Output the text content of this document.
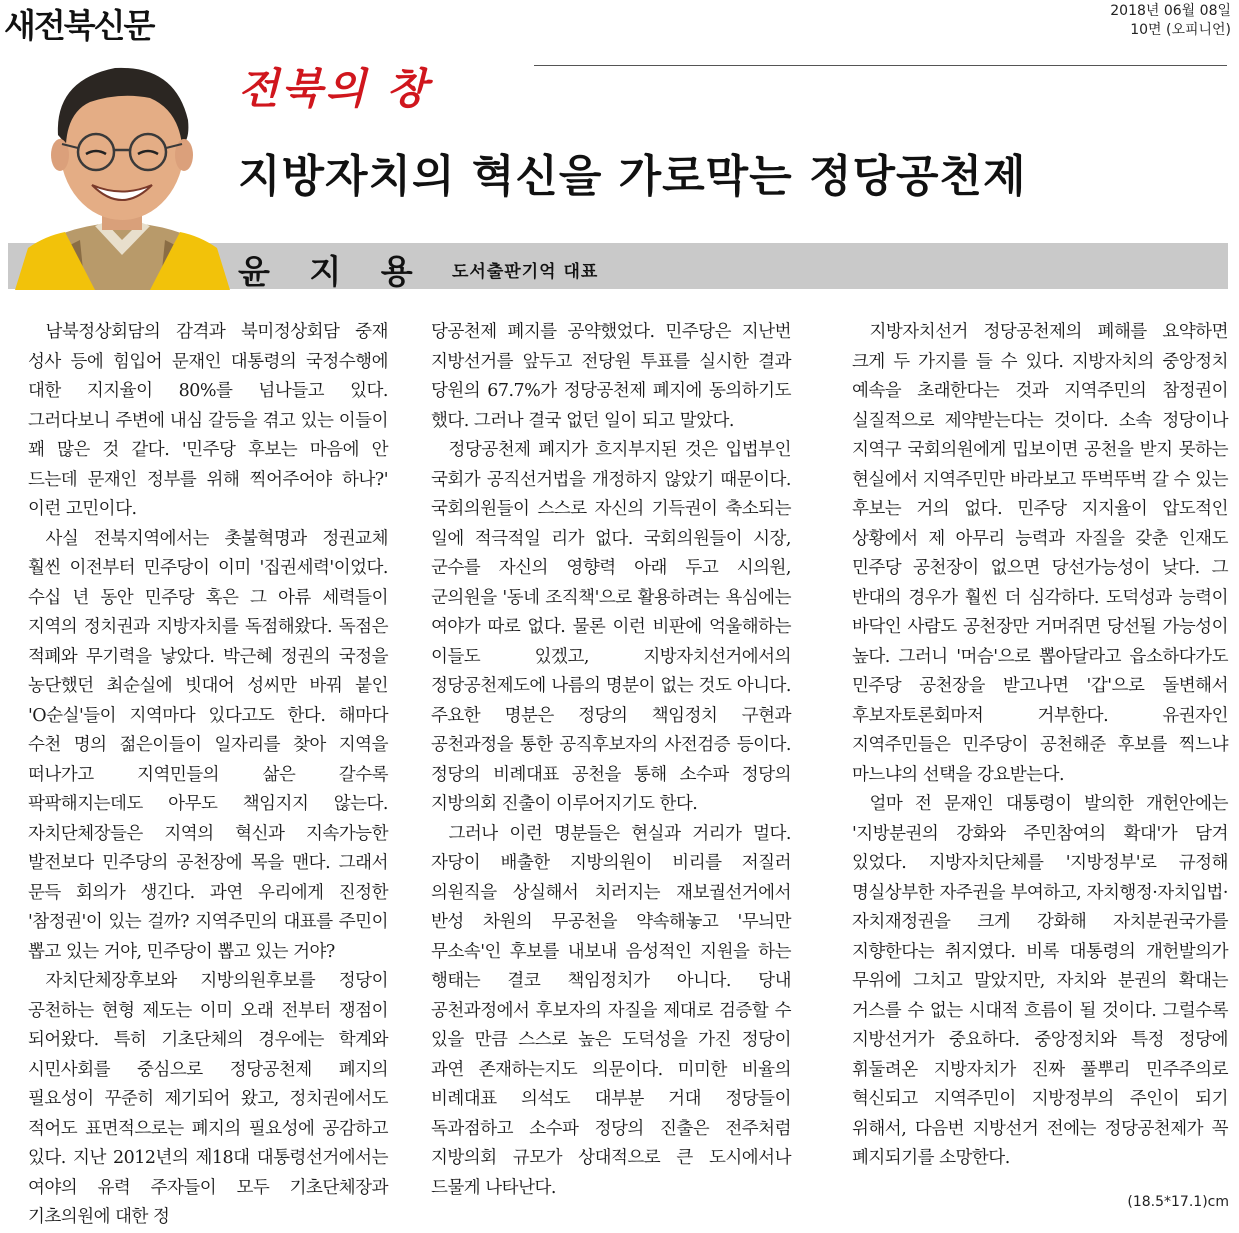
새전북신문	2018년 06월 08일
10면 (오피니언)
전북의 창
지방자치의 혁신을 가로막는 정당공천제
윤 지 용 도서출판기억 대표

남북정상회담의 감격과 북미정상회담 중재 성사 등에 힘입어 문재인 대통령의 국정수행에 대한 지지율이 80%를 넘나들고 있다. 그러다보니 주변에 내심 갈등을 겪고 있는 이들이 꽤 많은 것 같다. '민주당 후보는 마음에 안 드는데 문재인 정부를 위해 찍어주어야 하나?' 이런 고민이다.

사실 전북지역에서는 촛불혁명과 정권교체 훨씬 이전부터 민주당이 이미 '집권세력'이었다. 수십 년 동안 민주당 혹은 그 아류 세력들이 지역의 정치권과 지방자치를 독점해왔다. 독점은 적폐와 무기력을 낳았다. 박근혜 정권의 국정을 농단했던 최순실에 빗대어 성씨만 바꿔 붙인 'O순실'들이 지역마다 있다고도 한다. 해마다 수천 명의 젊은이들이 일자리를 찾아 지역을 떠나가고 지역민들의 삶은 갈수록 팍팍해지는데도 아무도 책임지지 않는다. 자치단체장들은 지역의 혁신과 지속가능한 발전보다 민주당의 공천장에 목을 맨다. 그래서 문득 회의가 생긴다. 과연 우리에게 진정한 '참정권'이 있는 걸까? 지역주민의 대표를 주민이 뽑고 있는 거야, 민주당이 뽑고 있는 거야?

자치단체장후보와 지방의원후보를 정당이 공천하는 현형 제도는 이미 오래 전부터 쟁점이 되어왔다. 특히 기초단체의 경우에는 학계와 시민사회를 중심으로 정당공천제 폐지의 필요성이 꾸준히 제기되어 왔고, 정치권에서도 적어도 표면적으로는 폐지의 필요성에 공감하고 있다. 지난 2012년의 제18대 대통령선거에서는 여야의 유력 주자들이 모두 기초단체장과 기초의원에 대한 정

당공천제 폐지를 공약했었다. 민주당은 지난번 지방선거를 앞두고 전당원 투표를 실시한 결과 당원의 67.7%가 정당공천제 폐지에 동의하기도 했다. 그러나 결국 없던 일이 되고 말았다.

정당공천제 폐지가 흐지부지된 것은 입법부인 국회가 공직선거법을 개정하지 않았기 때문이다. 국회의원들이 스스로 자신의 기득권이 축소되는 일에 적극적일 리가 없다. 국회의원들이 시장, 군수를 자신의 영향력 아래 두고 시의원, 군의원을 '동네 조직책'으로 활용하려는 욕심에는 여야가 따로 없다. 물론 이런 비판에 억울해하는 이들도 있겠고, 지방자치선거에서의 정당공천제도에 나름의 명분이 없는 것도 아니다. 주요한 명분은 정당의 책임정치 구현과 공천과정을 통한 공직후보자의 사전검증 등이다. 정당의 비례대표 공천을 통해 소수파 정당의 지방의회 진출이 이루어지기도 한다.

그러나 이런 명분들은 현실과 거리가 멀다. 자당이 배출한 지방의원이 비리를 저질러 의원직을 상실해서 치러지는 재보궐선거에서 반성 차원의 무공천을 약속해놓고 '무늬만 무소속'인 후보를 내보내 음성적인 지원을 하는 행태는 결코 책임정치가 아니다. 당내 공천과정에서 후보자의 자질을 제대로 검증할 수 있을 만큼 스스로 높은 도덕성을 가진 정당이 과연 존재하는지도 의문이다. 미미한 비율의 비례대표 의석도 대부분 거대 정당들이 독과점하고 소수파 정당의 진출은 전주처럼 지방의회 규모가 상대적으로 큰 도시에서나 드물게 나타난다.

지방자치선거 정당공천제의 폐해를 요약하면 크게 두 가지를 들 수 있다. 지방자치의 중앙정치 예속을 초래한다는 것과 지역주민의 참정권이 실질적으로 제약받는다는 것이다. 소속 정당이나 지역구 국회의원에게 밉보이면 공천을 받지 못하는 현실에서 지역주민만 바라보고 뚜벅뚜벅 갈 수 있는 후보는 거의 없다. 민주당 지지율이 압도적인 상황에서 제 아무리 능력과 자질을 갖춘 인재도 민주당 공천장이 없으면 당선가능성이 낮다. 그 반대의 경우가 훨씬 더 심각하다. 도덕성과 능력이 바닥인 사람도 공천장만 거머쥐면 당선될 가능성이 높다. 그러니 '머슴'으로 뽑아달라고 읍소하다가도 민주당 공천장을 받고나면 '갑'으로 돌변해서 후보자토론회마저 거부한다. 유권자인 지역주민들은 민주당이 공천해준 후보를 찍느냐 마느냐의 선택을 강요받는다.

얼마 전 문재인 대통령이 발의한 개헌안에는 '지방분권의 강화와 주민참여의 확대'가 담겨 있었다. 지방자치단체를 '지방정부'로 규정해 명실상부한 자주권을 부여하고, 자치행정·자치입법·자치재정권을 크게 강화해 자치분권국가를 지향한다는 취지였다. 비록 대통령의 개헌발의가 무위에 그치고 말았지만, 자치와 분권의 확대는 거스를 수 없는 시대적 흐름이 될 것이다. 그럴수록 지방선거가 중요하다. 중앙정치와 특정 정당에 휘둘려온 지방자치가 진짜 풀뿌리 민주주의로 혁신되고 지역주민이 지방정부의 주인이 되기 위해서, 다음번 지방선거 전에는 정당공천제가 꼭 폐지되기를 소망한다.

(18.5*17.1)cm
